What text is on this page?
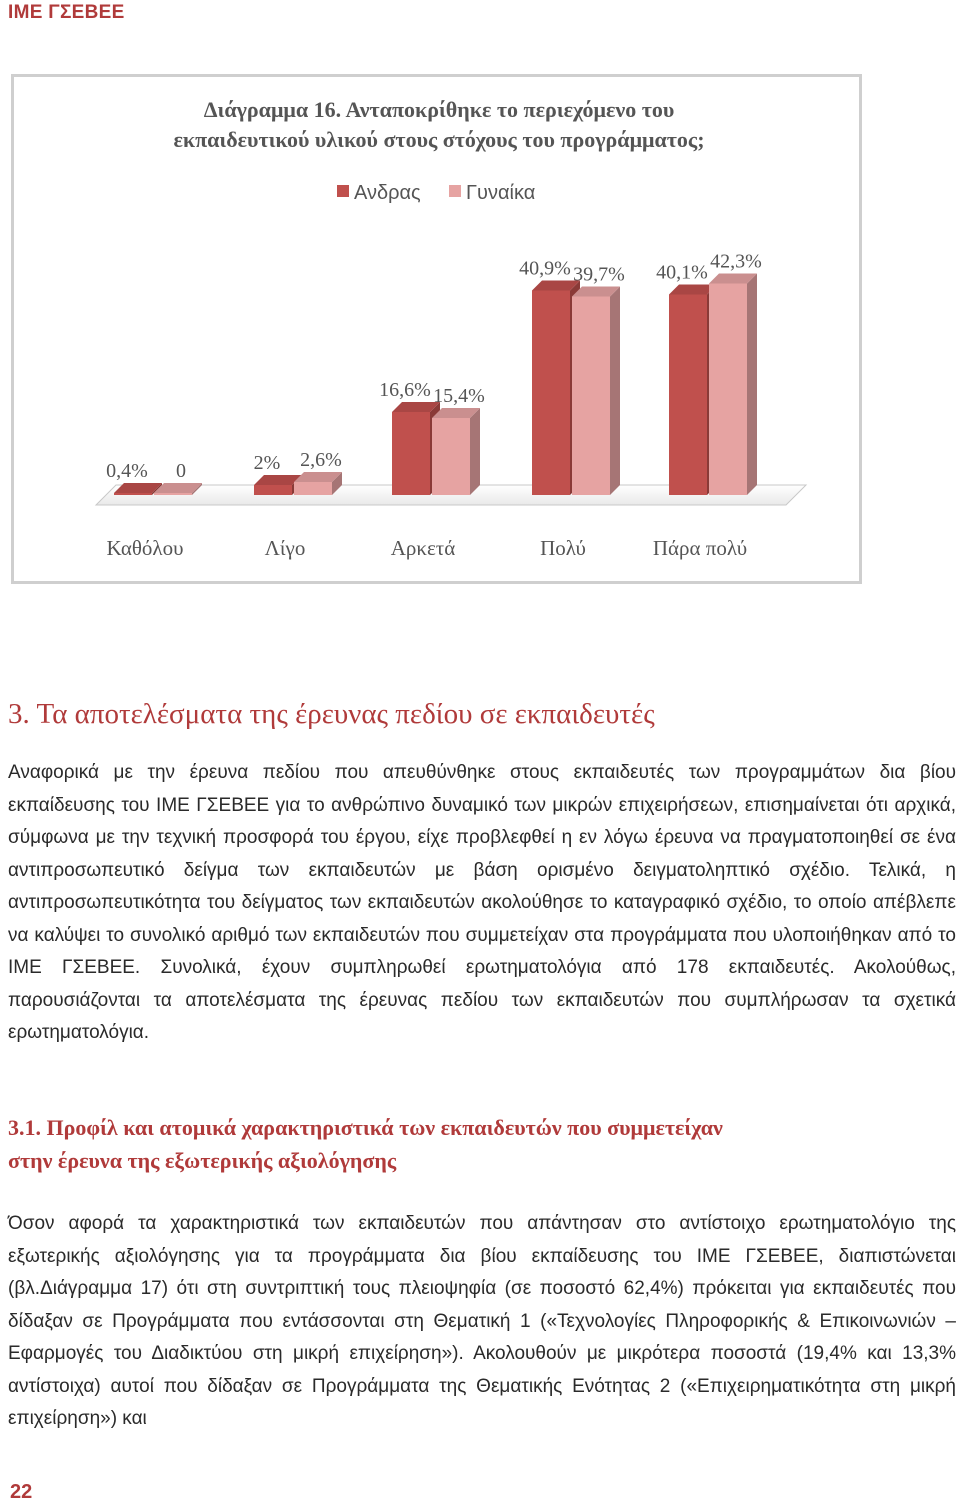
ΙΜΕ ΓΣΕΒΕΕ
Διάγραμμα 16. Ανταποκρίθηκε το περιεχόμενο του
εκπαιδευτικού υλικού στους στόχους του προγράμματος;
Ανδρας Γυναίκα
0,4% 0	2% 2,6%
16,6% 15,4%
40,9% 39,7% 40,1% 42,3%
Καθόλου	Λίγο	Αρκετά	Πολύ	Πάρα πολύ
3. Τα αποτελέσματα της έρευνας πεδίου σε εκπαιδευτές

Αναφορικά με την έρευνα πεδίου που απευθύνθηκε στους εκπαιδευτές των προγραμμάτων δια βίου εκπαίδευσης του ΙΜΕ ΓΣΕΒΕΕ για το ανθρώπινο δυναμικό των μικρών επιχειρήσεων, επισημαίνεται ότι αρχικά, σύμφωνα με την τεχνική προσφορά του έργου, είχε προβλεφθεί η εν λόγω έρευνα να πραγματοποιηθεί σε ένα αντιπροσωπευτικό δείγμα των εκπαιδευτών με βάση ορισμένο δειγματοληπτικό σχέδιο. Τελικά, η αντιπροσωπευτικότητα του δείγματος των εκπαιδευτών ακολούθησε το καταγραφικό σχέδιο, το οποίο απέβλεπε να καλύψει το συνολικό αριθμό των εκπαιδευτών που συμμετείχαν στα προγράμματα που υλοποιήθηκαν από το ΙΜΕ ΓΣΕΒΕΕ. Συνολικά, έχουν συμπληρωθεί ερωτηματολόγια από 178 εκπαιδευτές. Ακολούθως, παρουσιάζονται τα αποτελέσματα της έρευνας πεδίου των εκπαιδευτών που συμπλήρωσαν τα σχετικά ερωτηματολόγια.

3.1. Προφίλ και ατομικά χαρακτηριστικά των εκπαιδευτών που συμμετείχαν στην έρευνα της εξωτερικής αξιολόγησης

Όσον αφορά τα χαρακτηριστικά των εκπαιδευτών που απάντησαν στο αντίστοιχο ερωτηματολόγιο της εξωτερικής αξιολόγησης για τα προγράμματα δια βίου εκπαίδευσης του ΙΜΕ ΓΣΕΒΕΕ, διαπιστώνεται (βλ.Διάγραμμα 17) ότι στη συντριπτική τους πλειοψηφία (σε ποσοστό 62,4%) πρόκειται για εκπαιδευτές που δίδαξαν σε Προγράμματα που εντάσσονται στη Θεματική 1 («Τεχνολογίες Πληροφορικής & Επικοινωνιών – Εφαρμογές του Διαδικτύου στη μικρή επιχείρηση»). Ακολουθούν με μικρότερα ποσοστά (19,4% και 13,3% αντίστοιχα) αυτοί που δίδαξαν σε Προγράμματα της Θεματικής Ενότητας 2 («Επιχειρηματικότητα στη μικρή επιχείρηση») και

22
